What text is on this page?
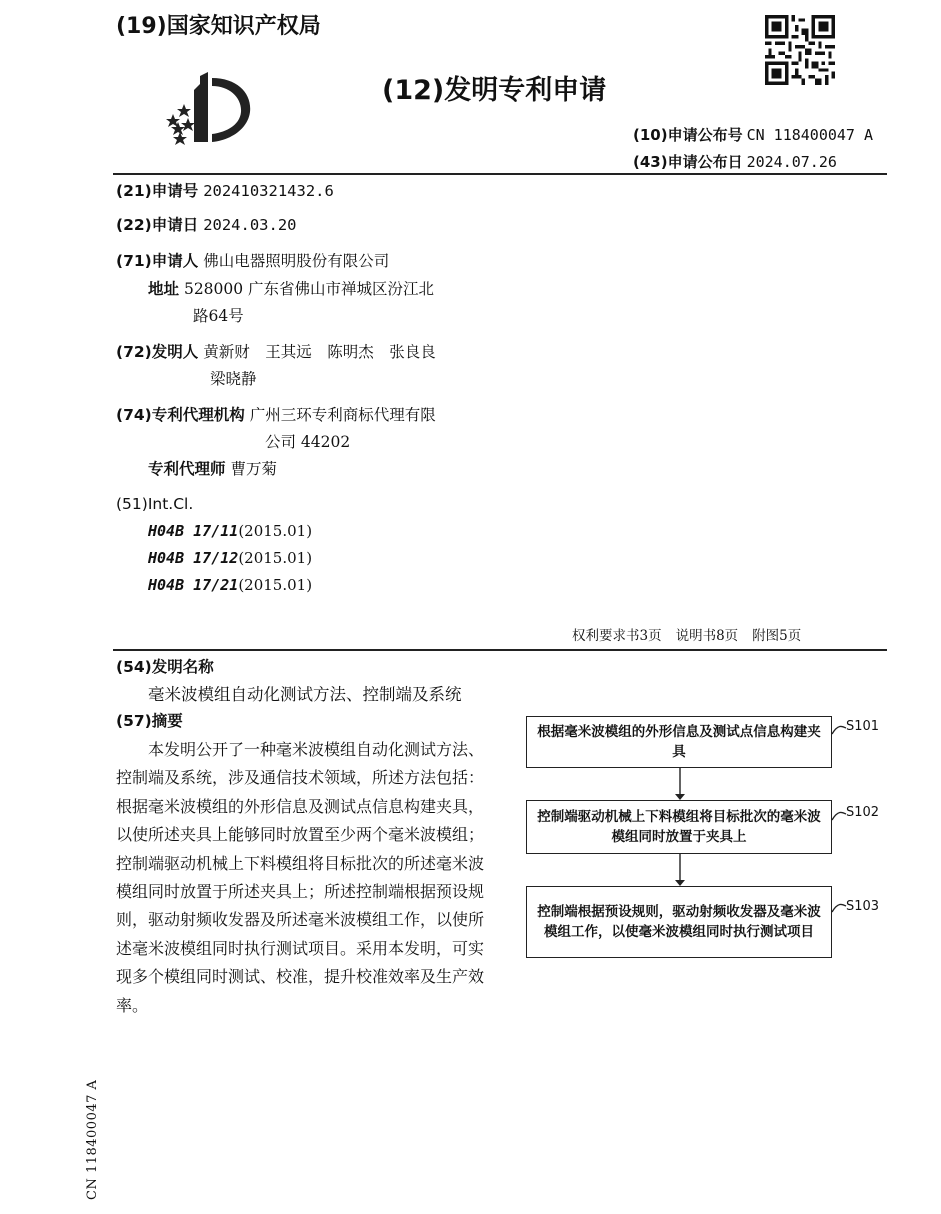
(19)国家知识产权局
(12)发明专利申请
(10)申请公布号 CN 118400047 A
(43)申请公布日 2024.07.26
(21)申请号 202410321432.6
(22)申请日 2024.03.20
(71)申请人 佛山电器照明股份有限公司
地址 528000 广东省佛山市禅城区汾江北
路64号
(72)发明人 黄新财　王其远　陈明杰　张良良
梁晓静
(74)专利代理机构 广州三环专利商标代理有限
公司 44202
专利代理师 曹万菊
(51)Int.Cl.
H04B 17/11(2015.01)
H04B 17/12(2015.01)
H04B 17/21(2015.01)
权利要求书3页 说明书8页 附图5页
(54)发明名称
毫米波模组自动化测试方法、控制端及系统
(57)摘要
本发明公开了一种毫米波模组自动化测试方法、控制端及系统，涉及通信技术领域，所述方法包括：根据毫米波模组的外形信息及测试点信息构建夹具，以使所述夹具上能够同时放置至少两个毫米波模组；控制端驱动机械上下料模组将目标批次的所述毫米波模组同时放置于所述夹具上；所述控制端根据预设规则，驱动射频收发器及所述毫米波模组工作，以使所述毫米波模组同时执行测试项目。采用本发明，可实现多个模组同时测试、校准，提升校准效率及生产效率。
根据毫米波模组的外形信息及测试点信息构建夹具
控制端驱动机械上下料模组将目标批次的毫米波模组同时放置于夹具上
控制端根据预设规则，驱动射频收发器及毫米波模组工作，以使毫米波模组同时执行测试项目
S101
S102
S103
CN 118400047 A
